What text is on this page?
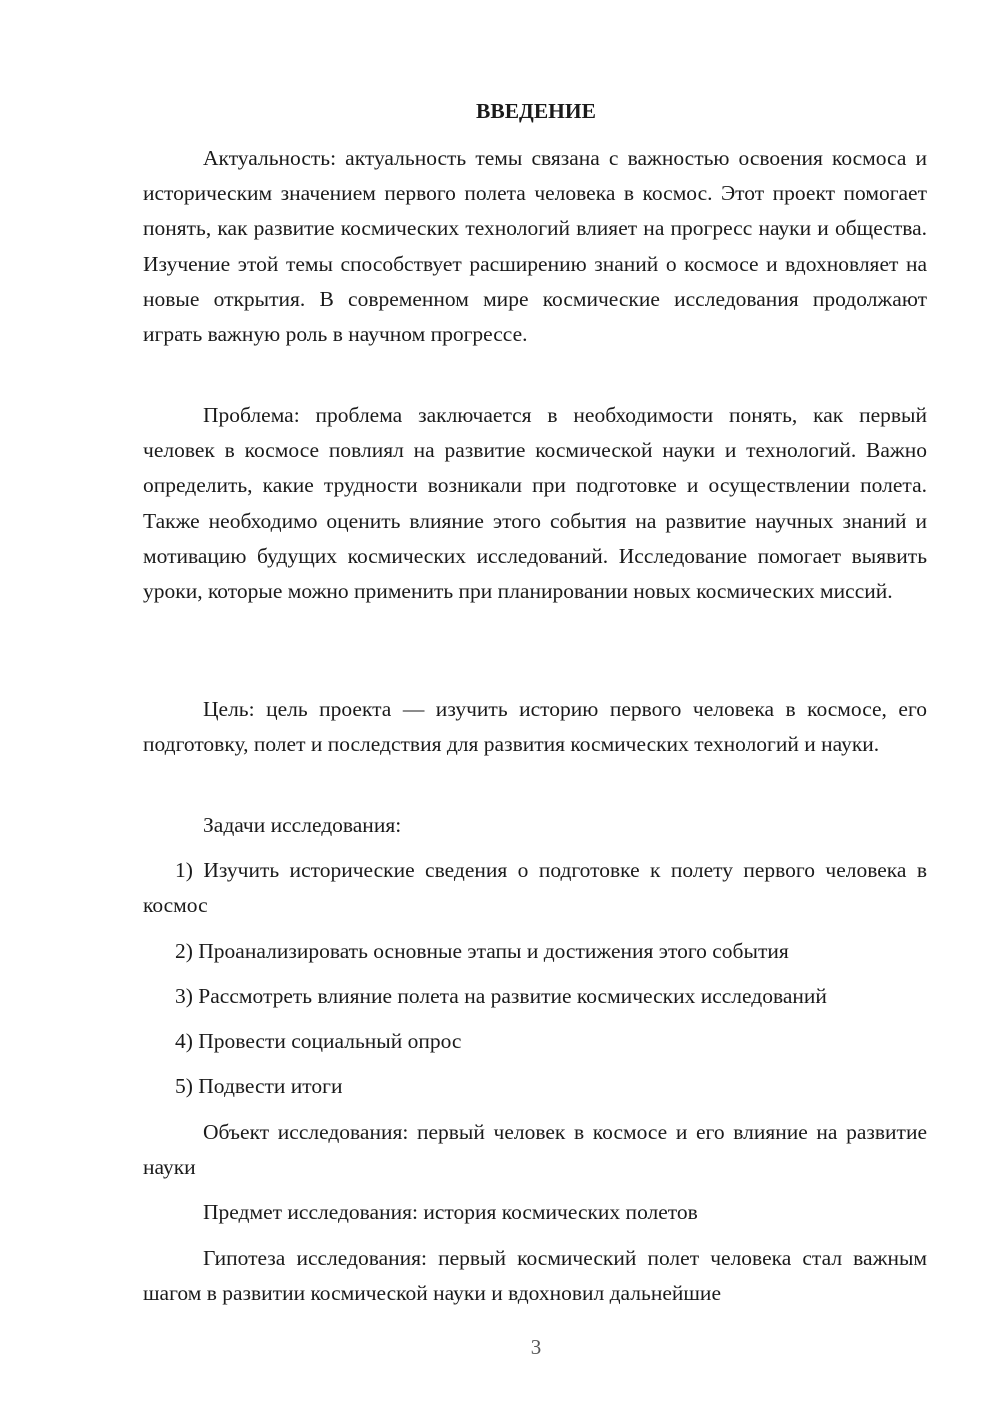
ВВЕДЕНИЕ

Актуальность: актуальность темы связана с важностью освоения космоса и историческим значением первого полета человека в космос. Этот проект помогает понять, как развитие космических технологий влияет на прогресс науки и общества. Изучение этой темы способствует расширению знаний о космосе и вдохновляет на новые открытия. В современном мире космические исследования продолжают играть важную роль в научном прогрессе.

Проблема: проблема заключается в необходимости понять, как первый человек в космосе повлиял на развитие космической науки и технологий. Важно определить, какие трудности возникали при подготовке и осуществлении полета. Также необходимо оценить влияние этого события на развитие научных знаний и мотивацию будущих космических исследований. Исследование помогает выявить уроки, которые можно применить при планировании новых космических миссий.

Цель: цель проекта — изучить историю первого человека в космосе, его подготовку, полет и последствия для развития космических технологий и науки.

Задачи исследования:

1) Изучить исторические сведения о подготовке к полету первого человека в космос

2) Проанализировать основные этапы и достижения этого события

3) Рассмотреть влияние полета на развитие космических исследований

4) Провести социальный опрос

5) Подвести итоги

Объект исследования: первый человек в космосе и его влияние на развитие науки

Предмет исследования: история космических полетов

Гипотеза исследования: первый космический полет человека стал важным шагом в развитии космической науки и вдохновил дальнейшие

3
